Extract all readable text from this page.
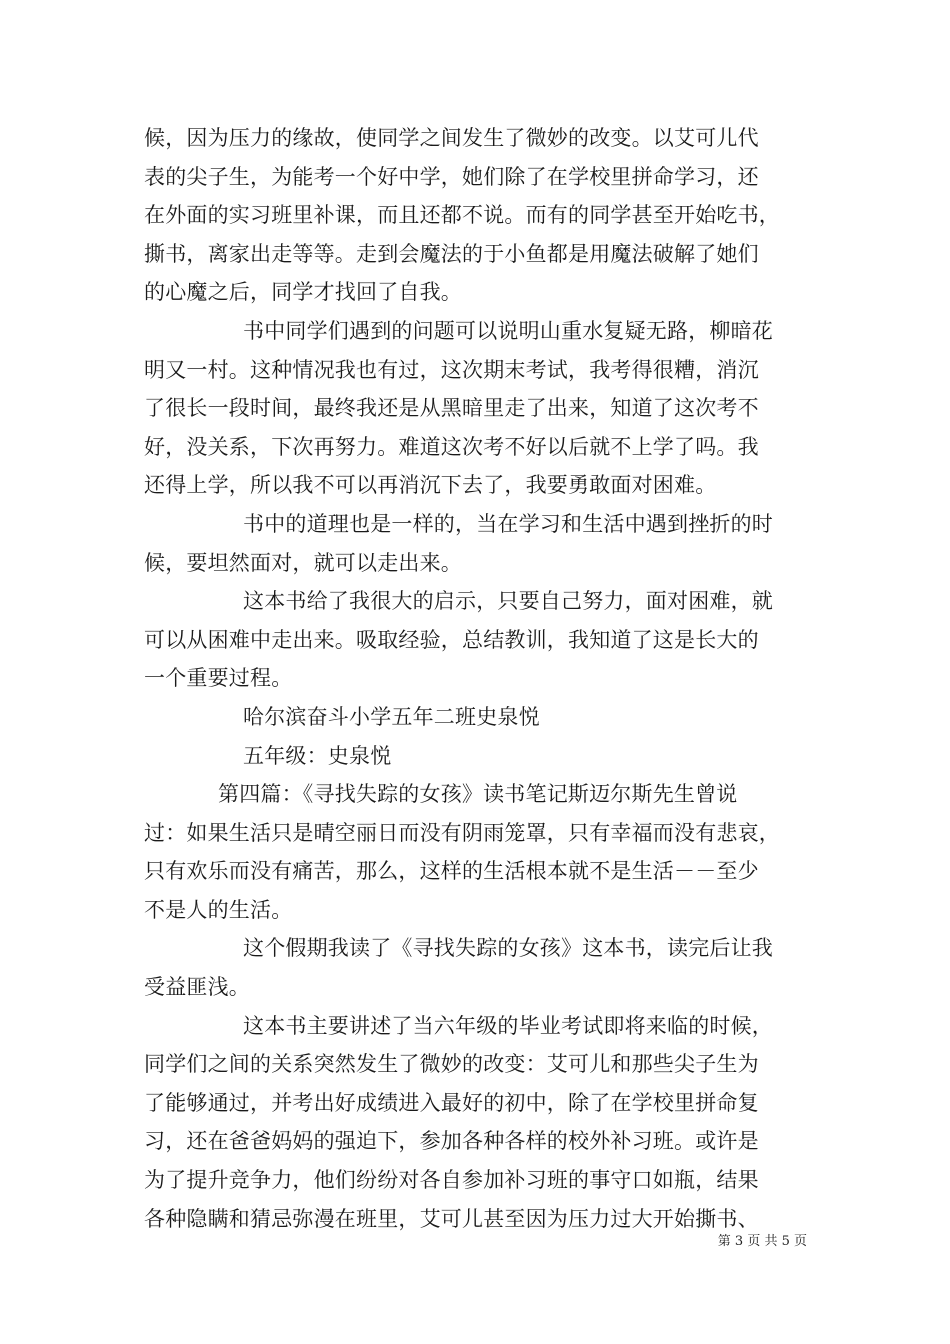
候，因为压力的缘故，使同学之间发生了微妙的改变。以艾可儿代
表的尖子生，为能考一个好中学，她们除了在学校里拼命学习，还
在外面的实习班里补课，而且还都不说。而有的同学甚至开始吃书，
撕书，离家出走等等。走到会魔法的于小鱼都是用魔法破解了她们
的心魔之后，同学才找回了自我。
书中同学们遇到的问题可以说明山重水复疑无路，柳暗花
明又一村。这种情况我也有过，这次期末考试，我考得很糟，消沉
了很长一段时间，最终我还是从黑暗里走了出来，知道了这次考不
好，没关系，下次再努力。难道这次考不好以后就不上学了吗。我
还得上学，所以我不可以再消沉下去了，我要勇敢面对困难。
书中的道理也是一样的，当在学习和生活中遇到挫折的时
候，要坦然面对，就可以走出来。
这本书给了我很大的启示，只要自己努力，面对困难，就
可以从困难中走出来。吸取经验，总结教训，我知道了这是长大的
一个重要过程。
哈尔滨奋斗小学五年二班史泉悦
五年级：史泉悦
第四篇：《寻找失踪的女孩》读书笔记斯迈尔斯先生曾说
过：如果生活只是晴空丽日而没有阴雨笼罩，只有幸福而没有悲哀，
只有欢乐而没有痛苦，那么，这样的生活根本就不是生活－－至少
不是人的生活。
这个假期我读了《寻找失踪的女孩》这本书，读完后让我
受益匪浅。
这本书主要讲述了当六年级的毕业考试即将来临的时候，
同学们之间的关系突然发生了微妙的改变：艾可儿和那些尖子生为
了能够通过，并考出好成绩进入最好的初中，除了在学校里拼命复
习，还在爸爸妈妈的强迫下，参加各种各样的校外补习班。或许是
为了提升竞争力，他们纷纷对各自参加补习班的事守口如瓶，结果
各种隐瞒和猜忌弥漫在班里，艾可儿甚至因为压力过大开始撕书、
第 3 页 共 5 页
